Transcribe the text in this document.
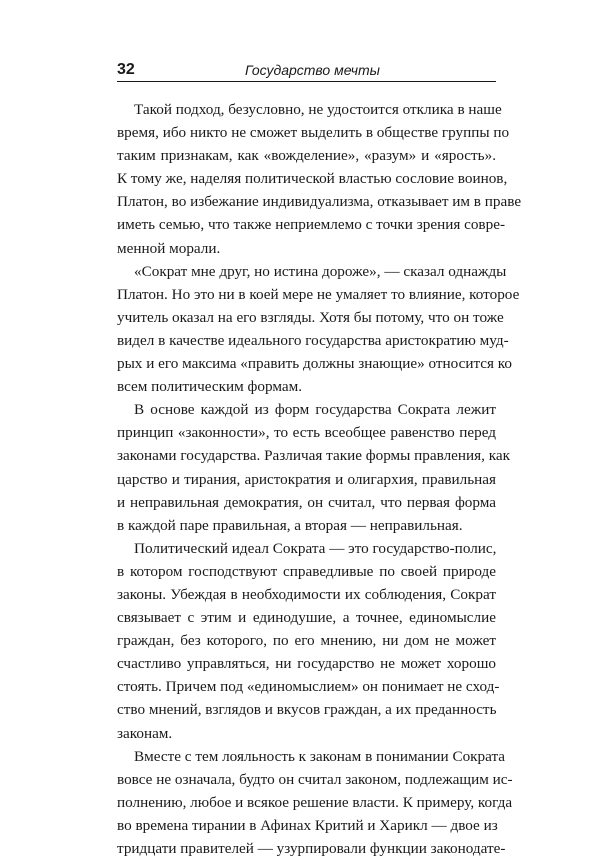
32	Государство мечты
Такой подход, безусловно, не удостоится отклика в наше
время, ибо никто не сможет выделить в обществе группы по
таким признакам, как «вожделение», «разум» и «ярость».
К тому же, наделяя политической властью сословие воинов,
Платон, во избежание индивидуализма, отказывает им в праве
иметь семью, что также неприемлемо с точки зрения совре-
менной морали.
«Сократ мне друг, но истина дороже», — сказал однажды
Платон. Но это ни в коей мере не умаляет то влияние, которое
учитель оказал на его взгляды. Хотя бы потому, что он тоже
видел в качестве идеального государства аристократию муд-
рых и его максима «править должны знающие» относится ко
всем политическим формам.
В основе каждой из форм государства Сократа лежит
принцип «законности», то есть всеобщее равенство перед
законами государства. Различая такие формы правления, как
царство и тирания, аристократия и олигархия, правильная
и неправильная демократия, он считал, что первая форма
в каждой паре правильная, а вторая — неправильная.
Политический идеал Сократа — это государство-полис,
в котором господствуют справедливые по своей природе
законы. Убеждая в необходимости их соблюдения, Сократ
связывает с этим и единодушие, а точнее, единомыслие
граждан, без которого, по его мнению, ни дом не может
счастливо управляться, ни государство не может хорошо
стоять. Причем под «единомыслием» он понимает не сход-
ство мнений, взглядов и вкусов граждан, а их преданность
законам.
Вместе с тем лояльность к законам в понимании Сократа
вовсе не означала, будто он считал законом, подлежащим ис-
полнению, любое и всякое решение власти. К примеру, когда
во времена тирании в Афинах Критий и Харикл — двое из
тридцати правителей — узурпировали функции законодате-
